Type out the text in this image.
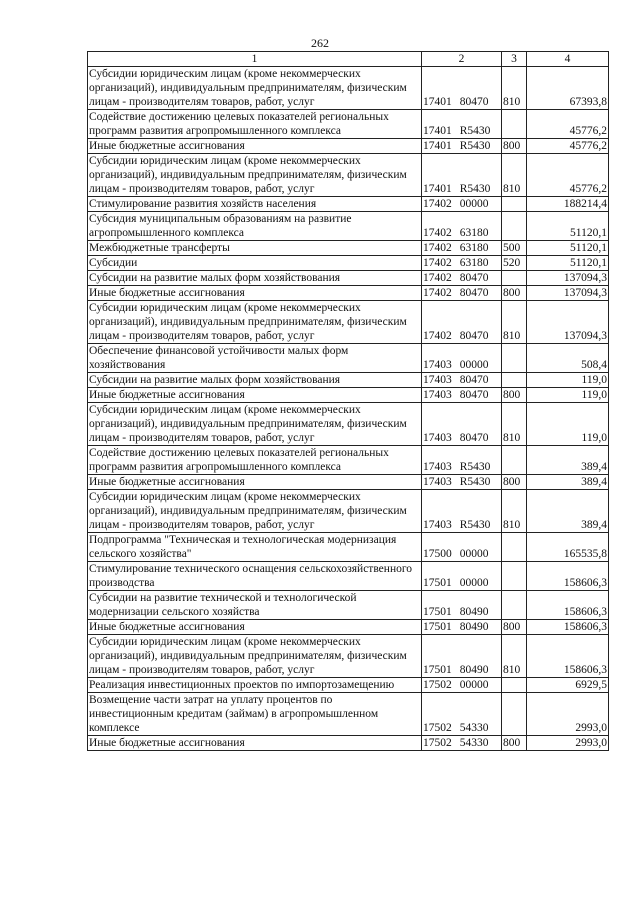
262
1	2	3	4
Субсидии юридическим лицам (кроме некоммерческих организаций), индивидуальным предпринимателям, физическим лицам - производителям товаров, работ, услуг	17401 80470	810	67393,8
Содействие достижению целевых показателей региональных программ развития агропромышленного комплекса	17401 R5430		45776,2
Иные бюджетные ассигнования	17401 R5430	800	45776,2
Субсидии юридическим лицам (кроме некоммерческих организаций), индивидуальным предпринимателям, физическим лицам - производителям товаров, работ, услуг	17401 R5430	810	45776,2
Стимулирование развития хозяйств населения	17402 00000		188214,4
Субсидия муниципальным образованиям на развитие агропромышленного комплекса	17402 63180		51120,1
Межбюджетные трансферты	17402 63180	500	51120,1
Субсидии	17402 63180	520	51120,1
Субсидии на развитие малых форм хозяйствования	17402 80470		137094,3
Иные бюджетные ассигнования	17402 80470	800	137094,3
Субсидии юридическим лицам (кроме некоммерческих организаций), индивидуальным предпринимателям, физическим лицам - производителям товаров, работ, услуг	17402 80470	810	137094,3
Обеспечение финансовой устойчивости малых форм хозяйствования	17403 00000		508,4
Субсидии на развитие малых форм хозяйствования	17403 80470		119,0
Иные бюджетные ассигнования	17403 80470	800	119,0
Субсидии юридическим лицам (кроме некоммерческих организаций), индивидуальным предпринимателям, физическим лицам - производителям товаров, работ, услуг	17403 80470	810	119,0
Содействие достижению целевых показателей региональных программ развития агропромышленного комплекса	17403 R5430		389,4
Иные бюджетные ассигнования	17403 R5430	800	389,4
Субсидии юридическим лицам (кроме некоммерческих организаций), индивидуальным предпринимателям, физическим лицам - производителям товаров, работ, услуг	17403 R5430	810	389,4
Подпрограмма "Техническая и технологическая модернизация сельского хозяйства"	17500 00000		165535,8
Стимулирование технического оснащения сельскохозяйственного производства	17501 00000		158606,3
Субсидии на развитие технической и технологической модернизации сельского хозяйства	17501 80490		158606,3
Иные бюджетные ассигнования	17501 80490	800	158606,3
Субсидии юридическим лицам (кроме некоммерческих организаций), индивидуальным предпринимателям, физическим лицам - производителям товаров, работ, услуг	17501 80490	810	158606,3
Реализация инвестиционных проектов по импортозамещению	17502 00000		6929,5
Возмещение части затрат на уплату процентов по инвестиционным кредитам (займам) в агропромышленном комплексе	17502 54330		2993,0
Иные бюджетные ассигнования	17502 54330	800	2993,0
